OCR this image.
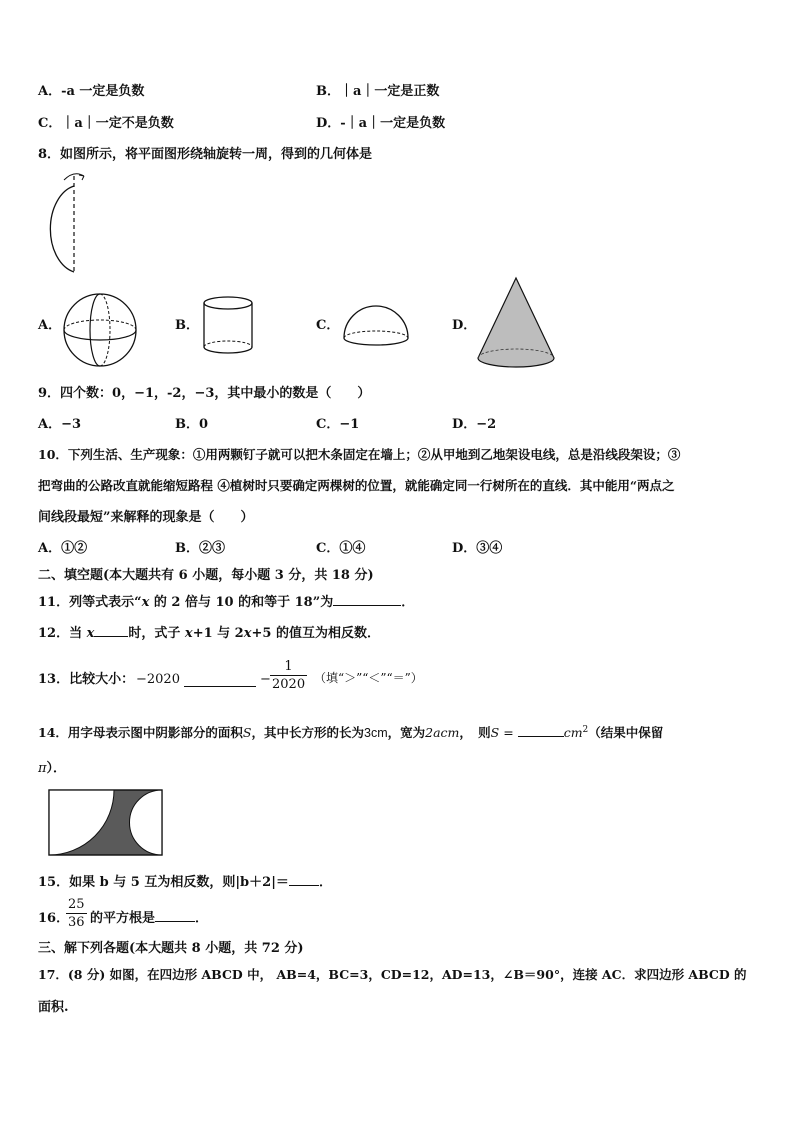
A．-a 一定是负数	B．｜a｜一定是正数
C．｜a｜一定不是负数	D．-｜a｜一定是负数
8．如图所示，将平面图形绕轴旋转一周，得到的几何体是
A．	B．	C．	D．
9．四个数：0，−1，-2，−3，其中最小的数是（　　）
A．−3	B．0	C．−1	D．−2
10．下列生活、生产现象：①用两颗钉子就可以把木条固定在墙上；②从甲地到乙地架设电线，总是沿线段架设；③
把弯曲的公路改直就能缩短路程 ④植树时只要确定两棵树的位置，就能确定同一行树所在的直线．其中能用“两点之
间线段最短”来解释的现象是（　　）
A．①②	B．②③	C．①④	D．③④
二、填空题(本大题共有 6 小题，每小题 3 分，共 18 分)
11．列等式表示“x 的 2 倍与 10 的和等于 18”为	．
12．当 x	时，式子 x+1 与 2x+5 的值互为相反数．
13．比较大小： −2020	− $\frac{1}{2020}$ （填“＞”“＜”“＝”）
14．用字母表示图中阴影部分的面积S，其中长方形的长为3cm，宽为2acm，　则S =	$cm^2$（结果中保留
π）．
15．如果 b 与 5 互为相反数，则|b＋2|＝ ．
16．
$\frac{25}{36}$ 的平方根是	．
三、解下列各题(本大题共 8 小题，共 72 分)
17．(8 分) 如图，在四边形 ABCD 中， AB=4，BC=3，CD=12，AD=13，∠B＝90°，连接 AC．求四边形 ABCD 的
面积.
